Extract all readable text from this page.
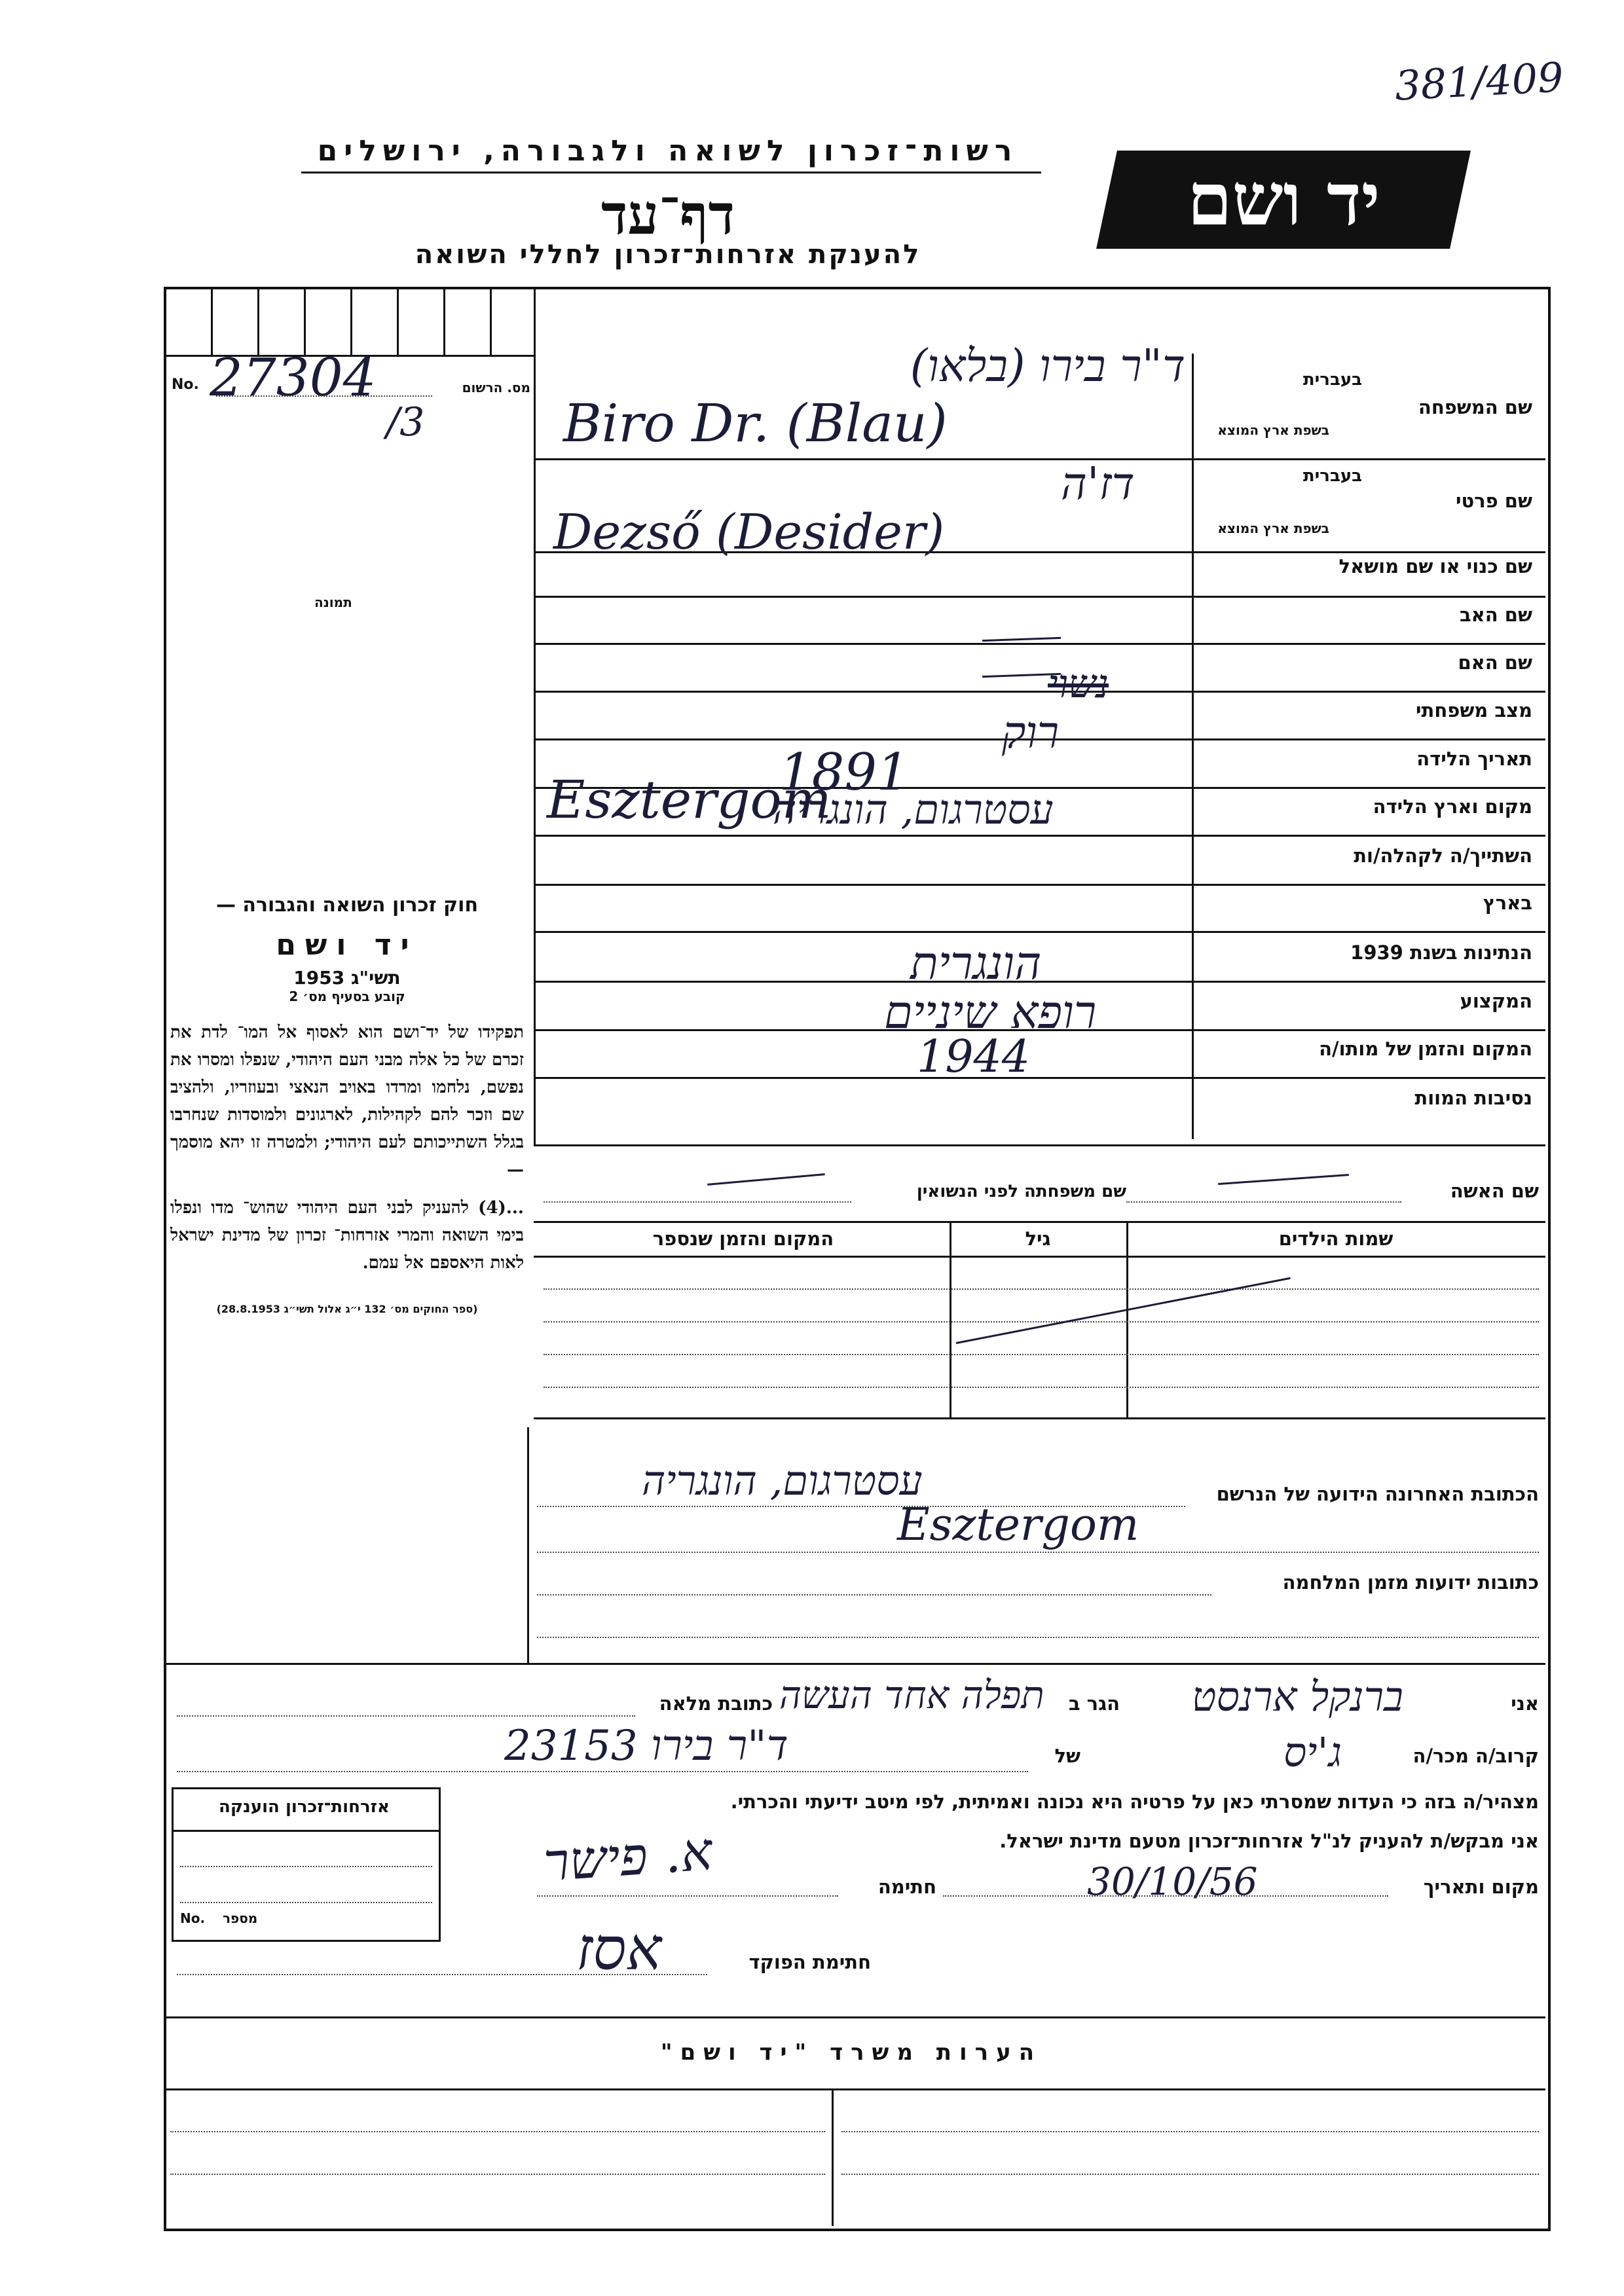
381/409
רשות־זכרון לשואה ולגבורה, ירושלים
דף־עד
להענקת אזרחות־זכרון לחללי השואה
יד ושם
No. 27304
/3
מס. הרשום
תמונה
שם המשפחה
בעברית
בשפת ארץ המוצא
ד"ר בירו (בלאו)
Biro Dr. (Blau)
שם פרטי
בעברית
בשפת ארץ המוצא
דז'ה
Dezső (Desider)
שם כנוי או שם מושאל
שם האב
שם האם
מצב משפחתי
נשוי
רוק	תאריך הלידה
1891
מקום וארץ הלידה
Esztergom
עסטרגום, הונגריה
השתייך/ה לקהלה/ות
בארץ
הנתינות בשנת 1939
הונגרית
המקצוע
רופא שיניים
המקום והזמן של מותו/ה
1944
נסיבות המוות
חוק זכרון השואה והגבורה —
יד ושם
תשי"ג 1953
קובע בסעיף מס׳ 2
תפקידו של יד־ושם הוא לאסוף אל המו־ לדת את זכרם של כל אלה מבני העם היהודי, שנפלו ומסרו את נפשם, נלחמו ומרדו באויב הנאצי ובעוזריו, ולהציב שם וזכר להם לקהילות, לארגונים ולמוסדות שנחרבו בגלל השתייכותם לעם היהודי; ולמטרה זו יהא מוסמך —
...(4) להעניק לבני העם היהודי שהוש־ מדו ונפלו בימי השואה והמרי אזרחות־ זכרון של מדינת ישראל לאות היאספם אל עמם.
(ספר החוקים מס׳ 132 י״ג אלול תשי״ג 28.8.1953)
שם האשה
שם משפחתה לפני הנשואין
שמות הילדים
גיל
המקום והזמן שנספר
הכתובת האחרונה הידועה של הנרשם
עסטרגום, הונגריה
Esztergom
כתובות ידועות מזמן המלחמה
אני
ברנקל ארנסט
הגר ב
תפלה אחד העשה
כתובת מלאה
קרוב/ה מכר/ה
ג'יס
של
ד"ר בירו 23153
מצהיר/ה בזה כי העדות שמסרתי כאן על פרטיה היא נכונה ואמיתית, לפי מיטב ידיעתי והכרתי.
אני מבקש/ת להעניק לנ"ל אזרחות־זכרון מטעם מדינת ישראל.
מקום ותאריך
30/10/56
חתימה
א. פישר
חתימת הפוקד
אסז
אזרחות־זכרון הוענקה
No. מספר
הערות משרד "יד ושם"
